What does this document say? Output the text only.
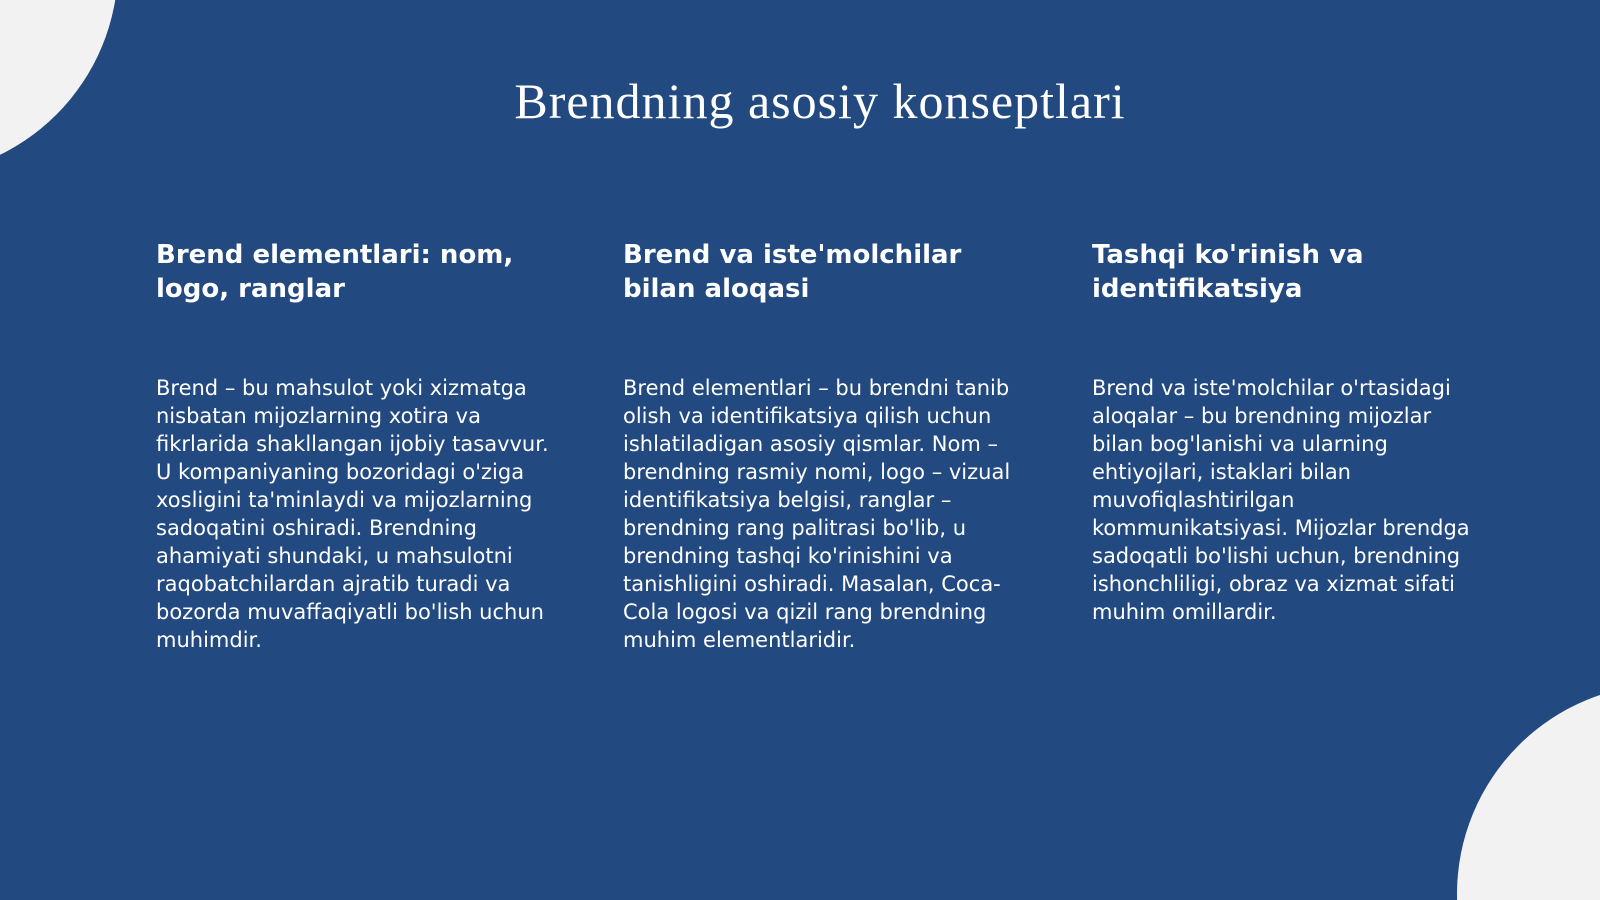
Brendning asosiy konseptlari
Brend elementlari: nom, logo, ranglar

Brend – bu mahsulot yoki xizmatga nisbatan mijozlarning xotira va fikrlarida shakllangan ijobiy tasavvur. U kompaniyaning bozoridagi o'ziga xosligini ta'minlaydi va mijozlarning sadoqatini oshiradi. Brendning ahamiyati shundaki, u mahsulotni raqobatchilardan ajratib turadi va bozorda muvaffaqiyatli bo'lish uchun muhimdir.

Brend va iste'molchilar bilan aloqasi

Brend elementlari – bu brendni tanib olish va identifikatsiya qilish uchun ishlatiladigan asosiy qismlar. Nom – brendning rasmiy nomi, logo – vizual identifikatsiya belgisi, ranglar – brendning rang palitrasi bo'lib, u brendning tashqi ko'rinishini va tanishligini oshiradi. Masalan, Coca-Cola logosi va qizil rang brendning muhim elementlaridir.

Tashqi ko'rinish va identifikatsiya

Brend va iste'molchilar o'rtasidagi aloqalar – bu brendning mijozlar bilan bog'lanishi va ularning ehtiyojlari, istaklari bilan muvofiqlashtirilgan kommunikatsiyasi. Mijozlar brendga sadoqatli bo'lishi uchun, brendning ishonchliligi, obraz va xizmat sifati muhim omillardir.
